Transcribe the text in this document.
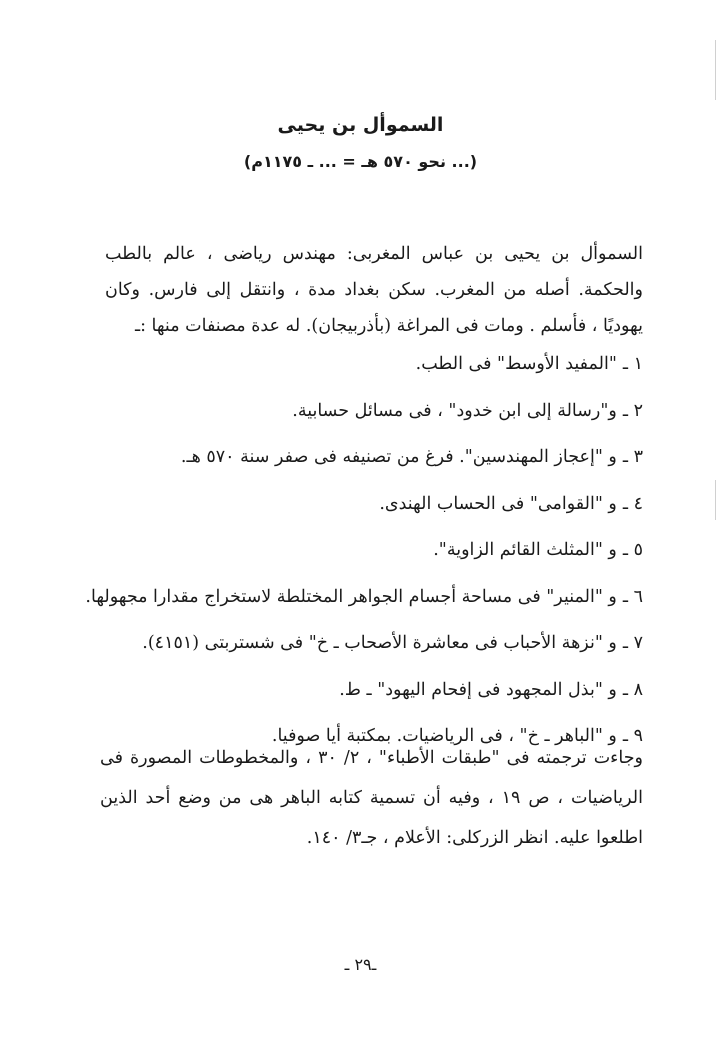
السموأل بن يحيى
(... نحو ٥٧٠ هـ = ... ـ ١١٧٥م)

السموأل بن يحيى بن عباس المغربى: مهندس رياضى ، عالم بالطب والحكمة. أصله من المغرب. سكن بغداد مدة ، وانتقل إلى فارس. وكان يهوديًا ، فأسلم . ومات فى المراغة (بأذربيجان). له عدة مصنفات منها :ـ

١ ـ"المفيد الأوسط" فى الطب.
٢ ـو"رسالة إلى ابن خدود" ، فى مسائل حسابية.
٣ ـو "إعجاز المهندسين". فرغ من تصنيفه فى صفر سنة ٥٧٠ هـ.
٤ ـو "القوامى" فى الحساب الهندى.
٥ ـو "المثلث القائم الزاوية".
٦ ـو "المنير" فى مساحة أجسام الجواهر المختلطة لاستخراج مقدارا مجهولها.
٧ ـو "نزهة الأحباب فى معاشرة الأصحاب ـ خ" فى شستربتى (٤١٥١).
٨ ـو "بذل المجهود فى إفحام اليهود" ـ ط.
٩ ـو "الباهر ـ خ" ، فى الرياضيات. بمكتبة أيا صوفيا.

وجاءت ترجمته فى "طبقات الأطباء" ، ٢/ ٣٠ ، والمخطوطات المصورة فى الرياضيات ، ص ١٩ ، وفيه أن تسمية كتابه الباهر هى من وضع أحد الذين اطلعوا عليه. انظر الزركلى: الأعلام ، جـ٣/ ١٤٠.

ـ٢٩ ـ
